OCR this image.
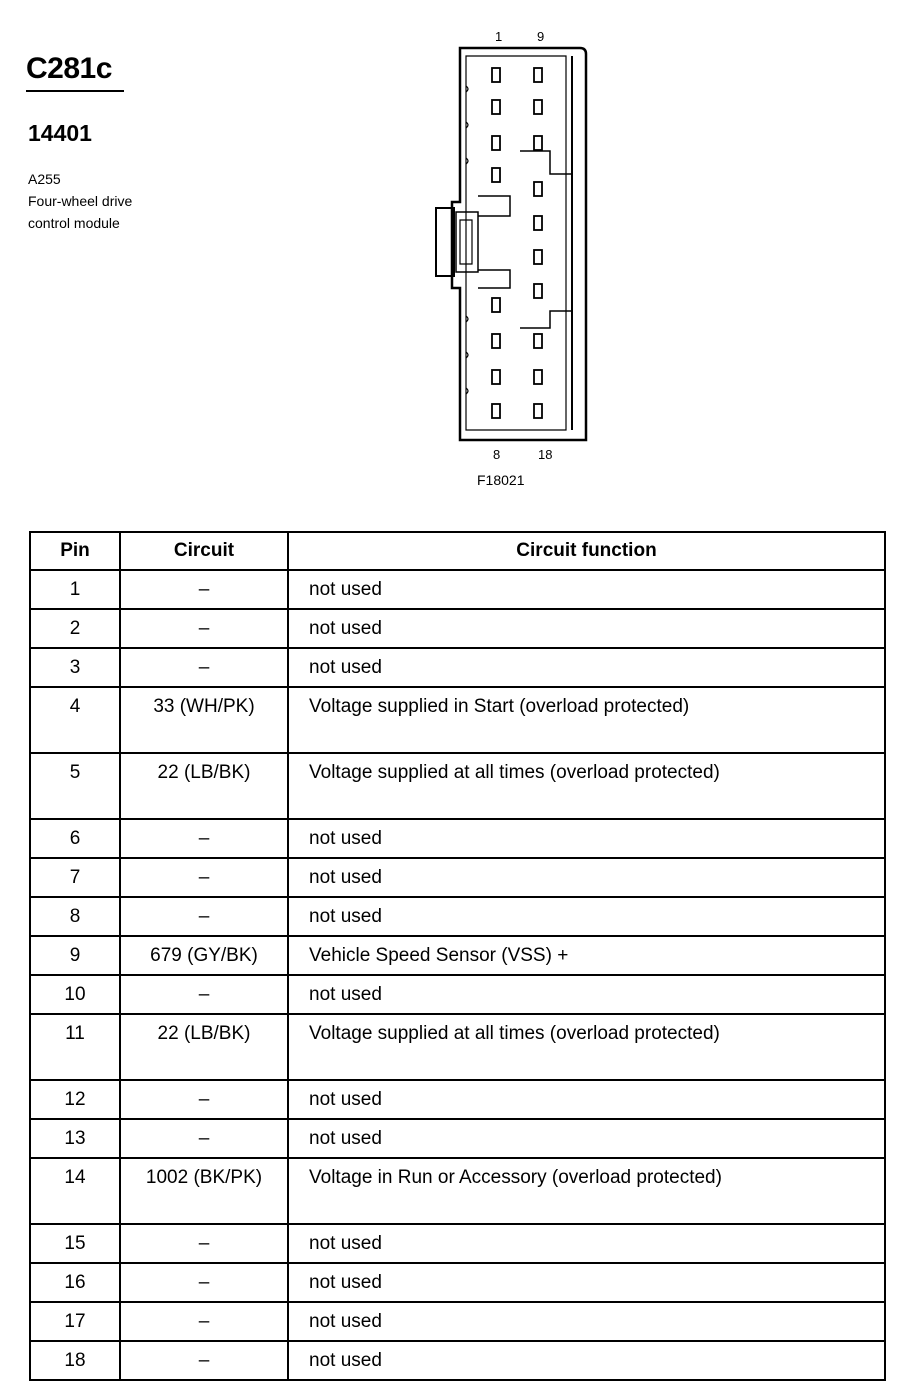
C281c
14401
A255
Four-wheel drive
control module
1	9
8	18
F18021
Pin	Circuit	Circuit function
1	–	not used
2	–	not used
3	–	not used
4	33 (WH/PK)	Voltage supplied in Start (overload protected)
5	22 (LB/BK)	Voltage supplied at all times (overload protected)
6	–	not used
7	–	not used
8	–	not used
9	679 (GY/BK)	Vehicle Speed Sensor (VSS) +
10	–	not used
11	22 (LB/BK)	Voltage supplied at all times (overload protected)
12	–	not used
13	–	not used
14	1002 (BK/PK)	Voltage in Run or Accessory (overload protected)
15	–	not used
16	–	not used
17	–	not used
18	–	not used
